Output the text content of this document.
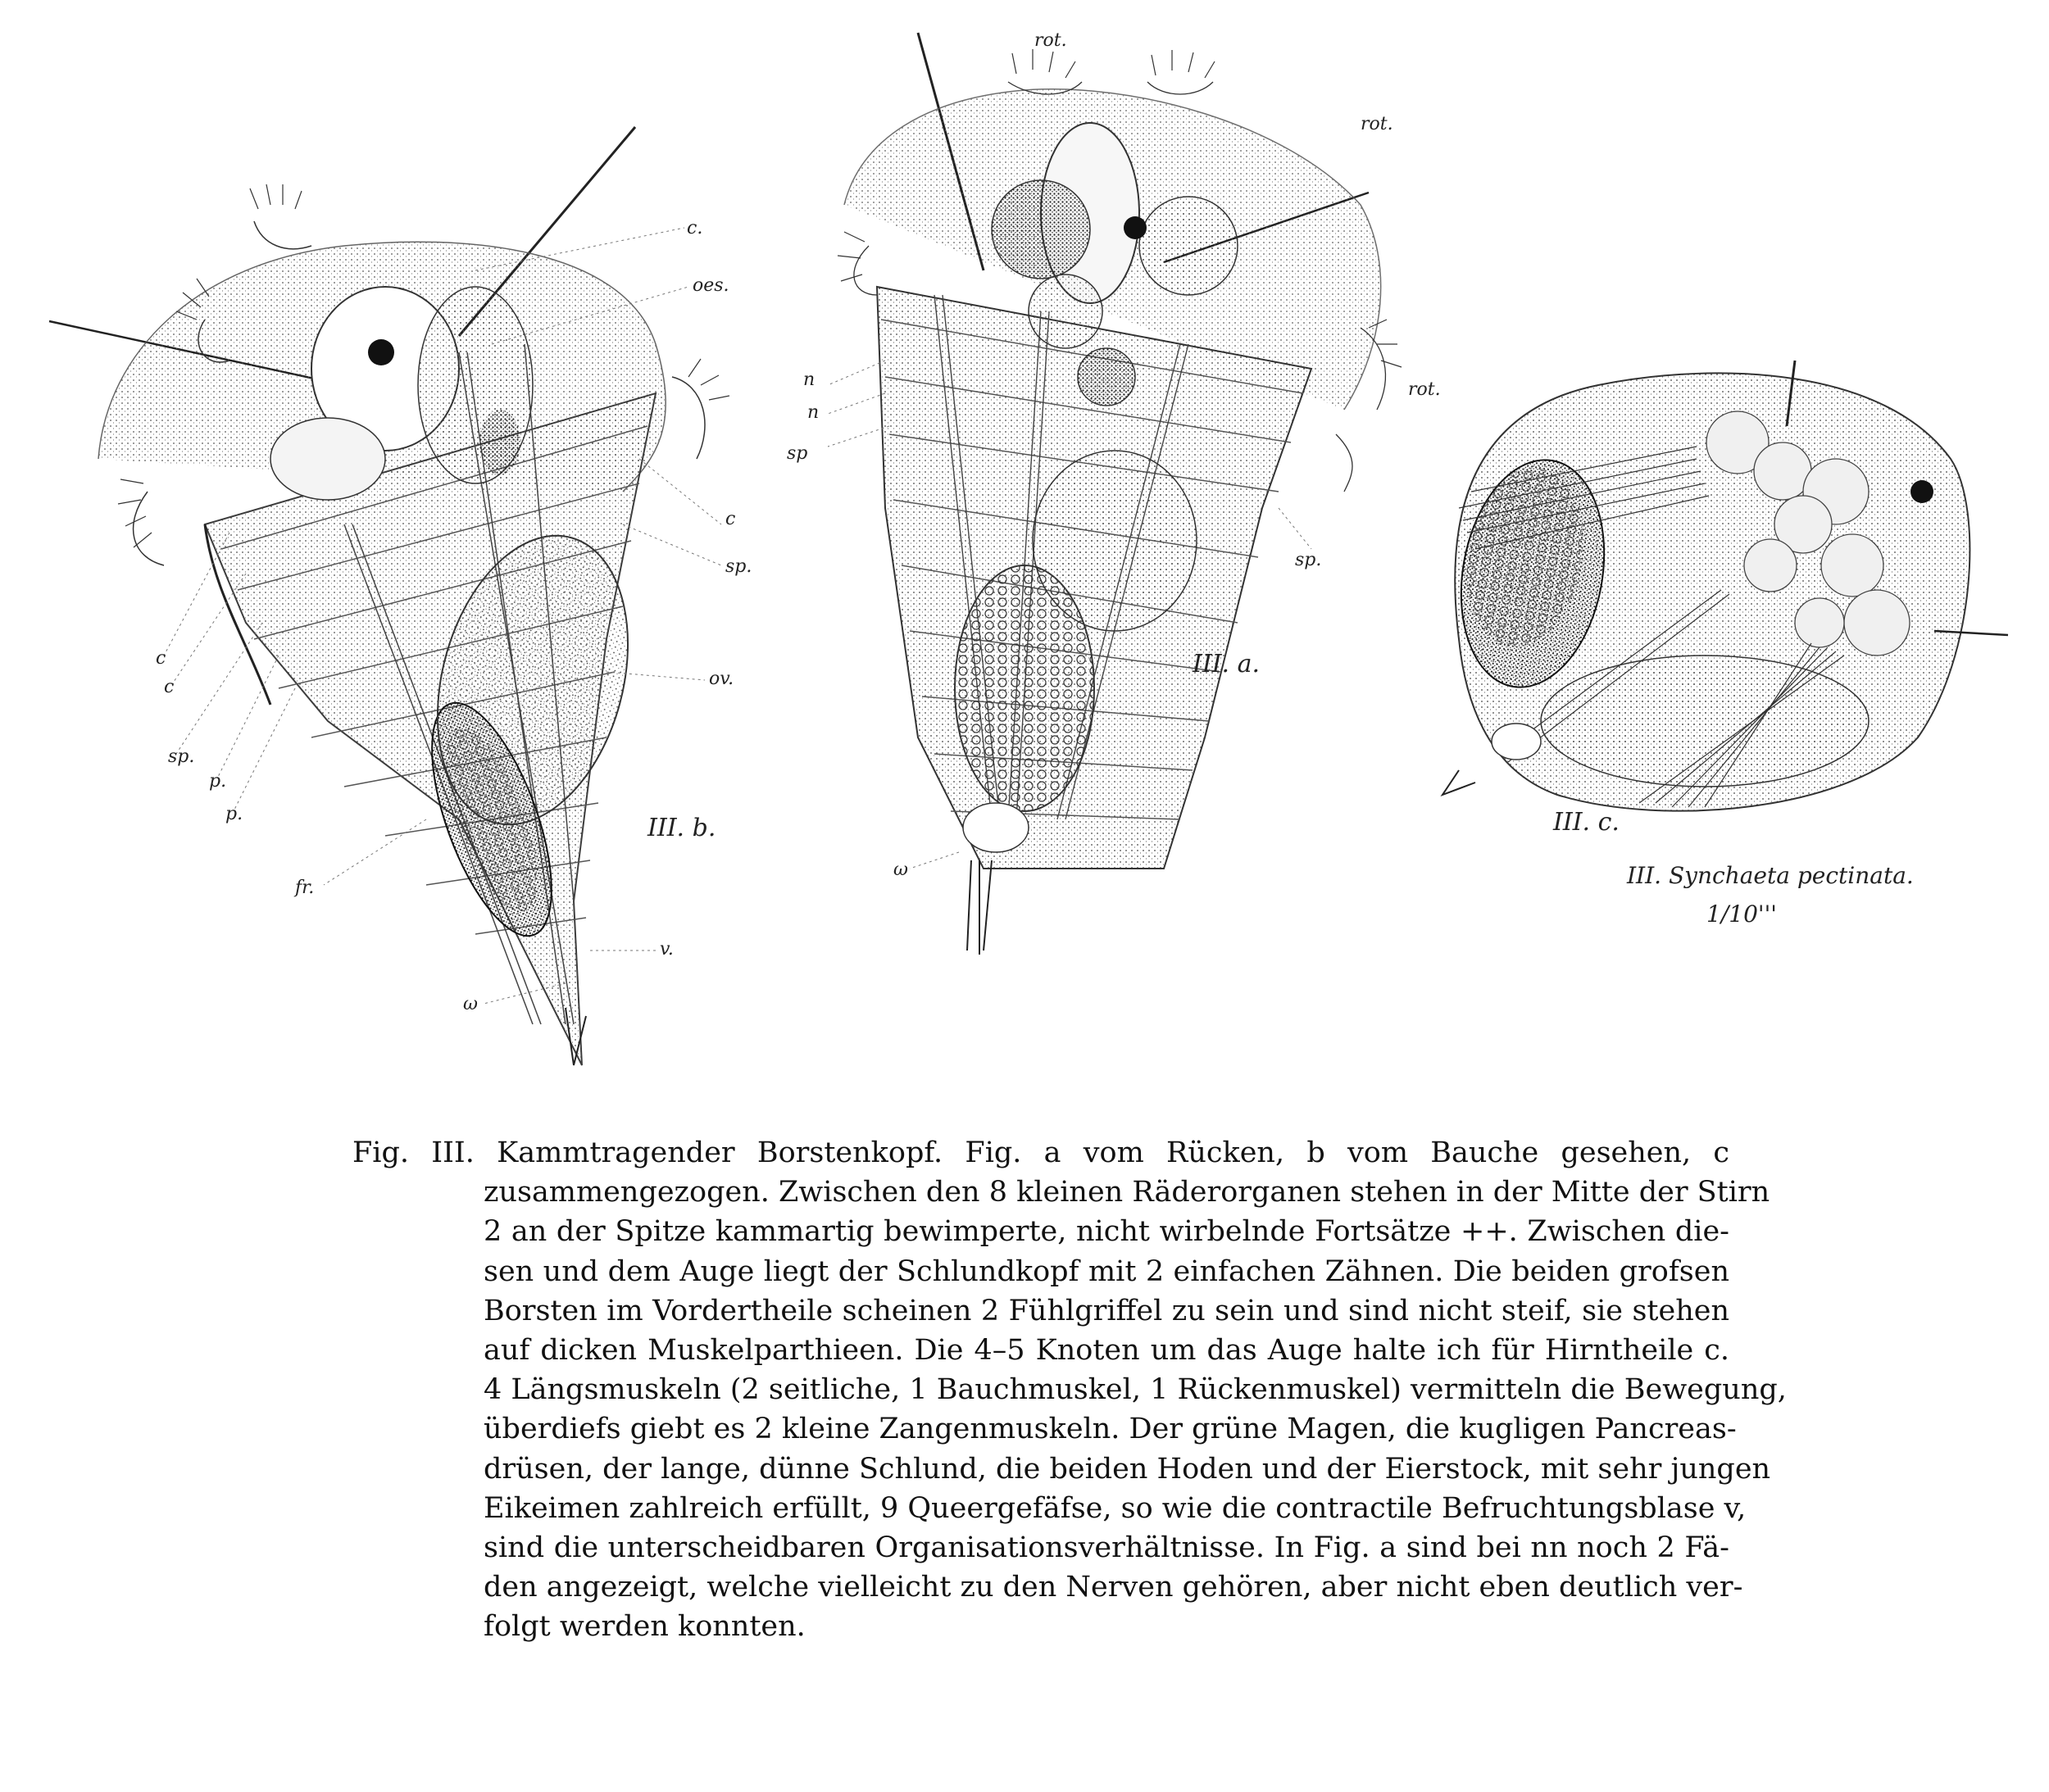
c.
oes.
c
sp.
c
c
sp.
p.
p.
ov.
fr.
v.
ω
III. b.
rot.
rot.
rot.
n
n
sp
sp.
ω
III. a.
III. c.
III. Synchaeta pectinata.
1/10'''
Fig. III. Kammtragender Borstenkopf. Fig. a vom Rücken, b vom Bauche gesehen, c
zusammengezogen. Zwischen den 8 kleinen Räderorganen stehen in der Mitte der Stirn
2 an der Spitze kammartig bewimperte, nicht wirbelnde Fortsätze ++. Zwischen die-
sen und dem Auge liegt der Schlundkopf mit 2 einfachen Zähnen. Die beiden grofsen
Borsten im Vordertheile scheinen 2 Fühlgriffel zu sein und sind nicht steif, sie stehen
auf dicken Muskelparthieen. Die 4–5 Knoten um das Auge halte ich für Hirntheile c.
4 Längsmuskeln (2 seitliche, 1 Bauchmuskel, 1 Rückenmuskel) vermitteln die Bewegung,
überdiefs giebt es 2 kleine Zangenmuskeln. Der grüne Magen, die kugligen Pancreas-
drüsen, der lange, dünne Schlund, die beiden Hoden und der Eierstock, mit sehr jungen
Eikeimen zahlreich erfüllt, 9 Queergefäfse, so wie die contractile Befruchtungsblase v,
sind die unterscheidbaren Organisationsverhältnisse. In Fig. a sind bei nn noch 2 Fä-
den angezeigt, welche vielleicht zu den Nerven gehören, aber nicht eben deutlich ver-
folgt werden konnten.
